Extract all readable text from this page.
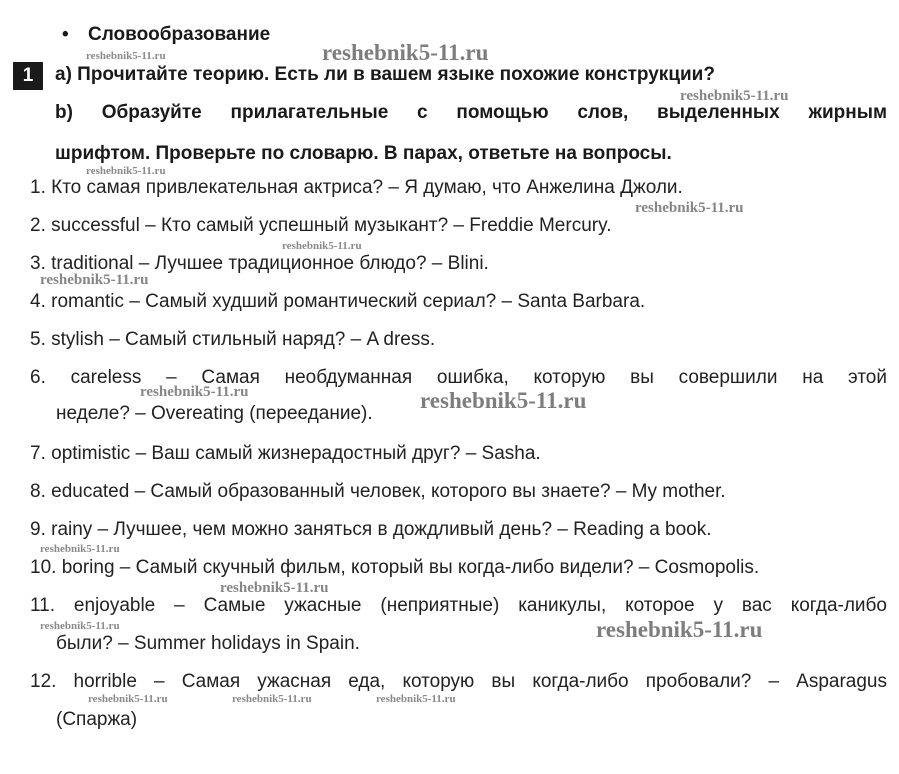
• Словообразование
1	a) Прочитайте теорию. Есть ли в вашем языке похожие конструкции?
b) Образуйте прилагательные с помощью слов, выделенных жирным
шрифтом. Проверьте по словарю. В парах, ответьте на вопросы.
1. Кто самая привлекательная актриса? – Я думаю, что Анжелина Джоли.
2. successful – Кто самый успешный музыкант? – Freddie Mercury.
3. traditional – Лучшее традиционное блюдо? – Blini.
4. romantic – Самый худший романтический сериал? – Santa Barbara.
5. stylish – Самый стильный наряд? – A dress.
6. careless – Самая необдуманная ошибка, которую вы совершили на этой
неделе? – Overeating (переедание).
7. optimistic – Ваш самый жизнерадостный друг? – Sasha.
8. educated – Самый образованный человек, которого вы знаете? – My mother.
9. rainy – Лучшее, чем можно заняться в дождливый день? – Reading a book.
10. boring – Самый скучный фильм, который вы когда-либо видели? – Cosmopolis.
11. enjoyable – Самые ужасные (неприятные) каникулы, которое у вас когда-либо
были? – Summer holidays in Spain.
12. horrible – Самая ужасная еда, которую вы когда-либо пробовали? – Asparagus
(Спаржа)
reshebnik5-11.ru	reshebnik5-11.ru
reshebnik5-11.ru
reshebnik5-11.ru
reshebnik5-11.ru
reshebnik5-11.ru
reshebnik5-11.ru
reshebnik5-11.ru	reshebnik5-11.ru
reshebnik5-11.ru
reshebnik5-11.ru
reshebnik5-11.ru	reshebnik5-11.ru
reshebnik5-11.ru	reshebnik5-11.ru	reshebnik5-11.ru
